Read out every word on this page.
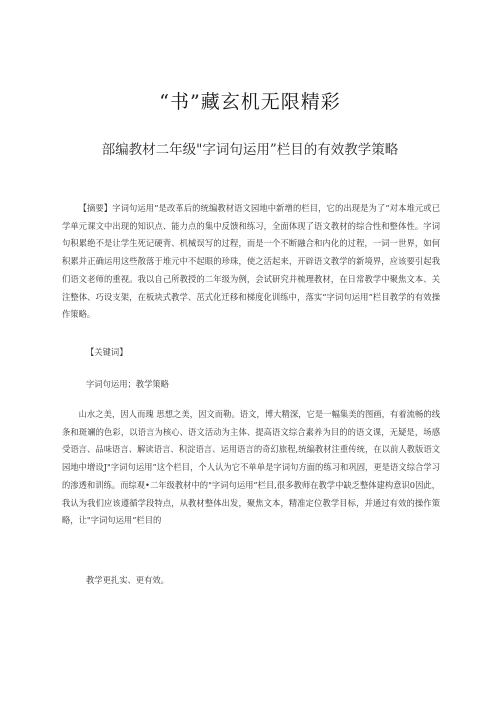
“书”藏玄机无限精彩
部编教材二年级"字词句运用”栏目的有效教学策略
【摘要】字词句运用”是改革后的统编教材语文园地中新增的栏目，它的出现是为了”对本堆元或已学单元课文中出现的知识点、能力点的集中反馈和练习，全面体现了语文教材的综合性和整体性。字词句积累绝不是让学生死记硬背、机械误写的过程，而是一个不断融合和内化的过程，一词一世界，如何积累并正确运用这些散落于堆元中不起眼的珍珠，使之活起来，开辟语文教学的新境界，应该要引起我们语文老师的重视。我以自己所教授的二年级为例，会试研究并梳理教材，在日常教学中聚焦文本、关注整体、巧设支架，在板块式教学、茁式化迁移和梯度化训练中，落实“字词句运用”栏目教学的有效操作策略。
【关键词】
字词句运用；教学策略
山水之美，因人而瑰 思想之美，因文而勒。语文，博大精深，它是一幅集美的图画，有着流畅的线条和斑斓的色彩，以语言为核心、语文活动为主体、提高语文综合素养为目的的语文课，无疑是，场感受语言、品味语言、解读语言、积淀语言、运用语言的奇幻旅程,统编教材注重传统，在以前人教版语文园地中增设J"字词句运用”这个栏目，个人认为它不单单是字词句方面的练习和巩固，更是语文综合学习的渗透和训练。而综观•二年级教材中的"字词句运用”栏目,很多教师在教学中缺乏整体建构意识0因此，我认为我们应该遵循学段特点，从教材整体出发，聚焦文本，精准定位教学目标，并通过有效的操作策略，让"字词句运用”栏目的
教学更扎实、更有效。
